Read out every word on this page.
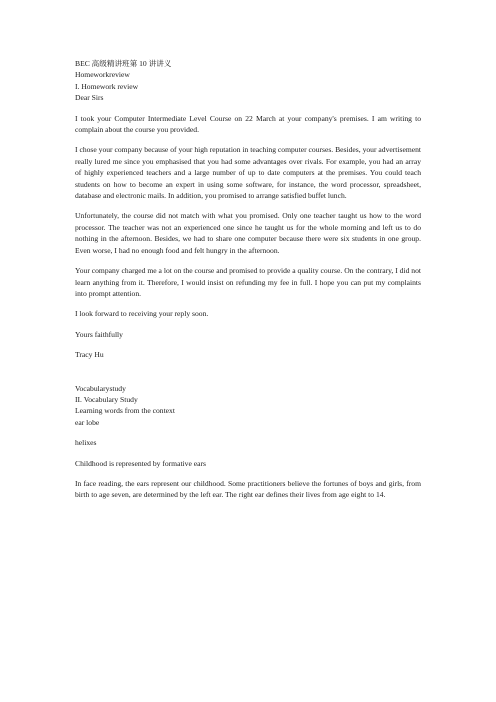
BEC 高级精讲班第 10 讲讲义
Homeworkreview
I. Homework review
Dear Sirs

I took your Computer Intermediate Level Course on 22 March at your company's premises. I am writing to complain about the course you provided.

I chose your company because of your high reputation in teaching computer courses. Besides, your advertisement really lured me since you emphasised that you had some advantages over rivals. For example, you had an array of highly experienced teachers and a large number of up to date computers at the premises. You could teach students on how to become an expert in using some software, for instance, the word processor, spreadsheet, database and electronic mails. In addition, you promised to arrange satisfied buffet lunch.

Unfortunately, the course did not match with what you promised. Only one teacher taught us how to the word processor. The teacher was not an experienced one since he taught us for the whole morning and left us to do nothing in the afternoon. Besides, we had to share one computer because there were six students in one group. Even worse, I had no enough food and felt hungry in the afternoon.

Your company charged me a lot on the course and promised to provide a quality course. On the contrary, I did not learn anything from it. Therefore, I would insist on refunding my fee in full. I hope you can put my complaints into prompt attention.

I look forward to receiving your reply soon.

Yours faithfully
Tracy Hu
Vocabularystudy
II. Vocabulary Study
Learning words from the context
ear lobe
helixes
Childhood is represented by formative ears

In face reading, the ears represent our childhood. Some practitioners believe the fortunes of boys and girls, from birth to age seven, are determined by the left ear. The right ear defines their lives from age eight to 14.
